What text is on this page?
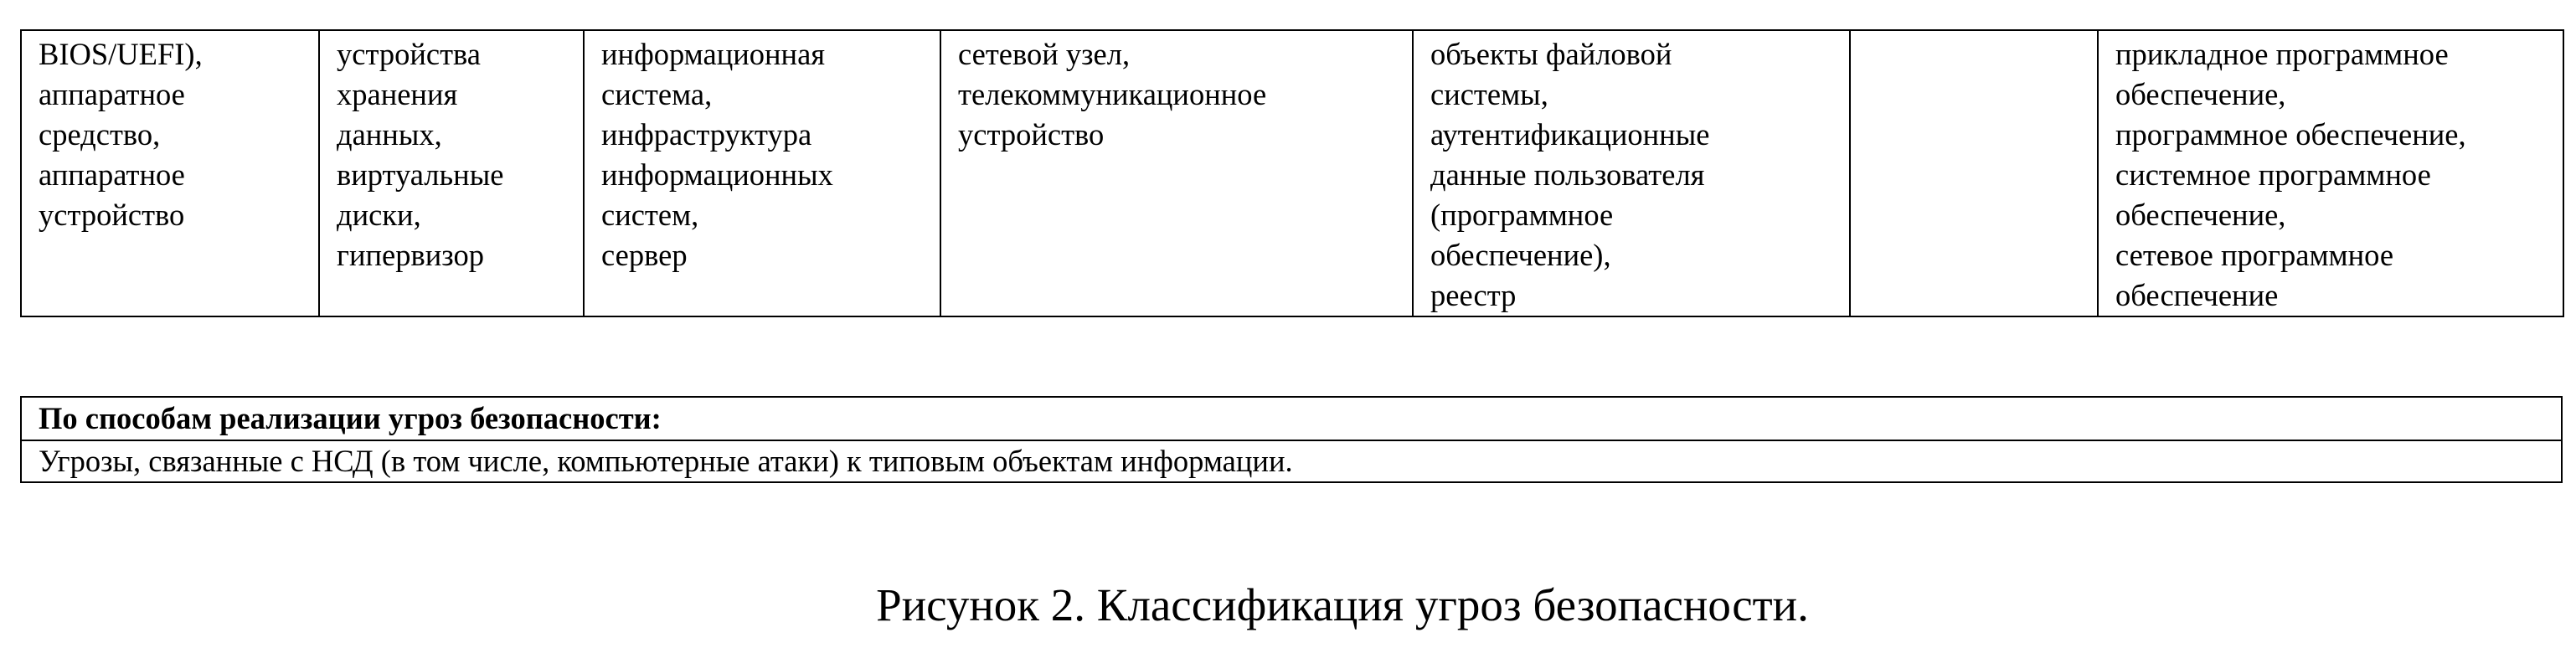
BIOS/UEFI),
аппаратное
средство,
аппаратное
устройство	устройства
хранения
данных,
виртуальные
диски,
гипервизор	информационная
система,
инфраструктура
информационных
систем,
сервер	сетевой узел,
телекоммуникационное
устройство	объекты файловой
системы,
аутентификационные
данные пользователя
(программное
обеспечение),
реестр		прикладное программное
обеспечение,
программное обеспечение,
системное программное
обеспечение,
сетевое программное
обеспечение
По способам реализации угроз безопасности:
Угрозы, связанные с НСД (в том числе, компьютерные атаки) к типовым объектам информации.
Рисунок 2. Классификация угроз безопасности.
